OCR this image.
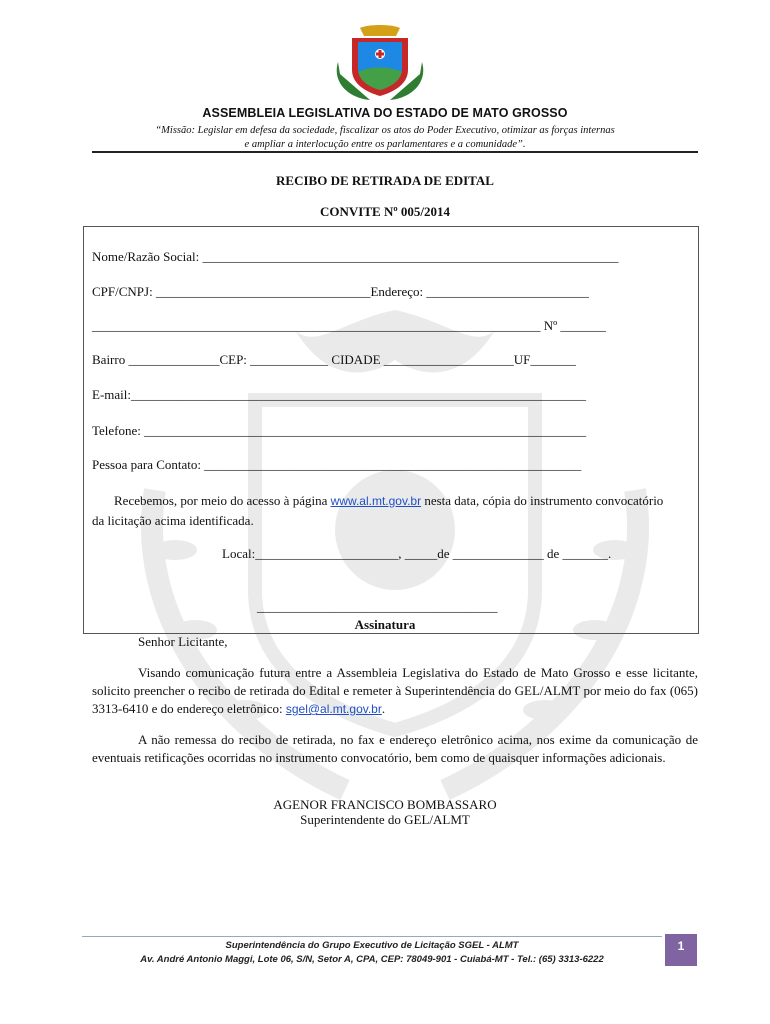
ASSEMBLEIA LEGISLATIVA DO ESTADO DE MATO GROSSO
“Missão: Legislar em defesa da sociedade, fiscalizar os atos do Poder Executivo, otimizar as forças internas
e ampliar a interlocução entre os parlamentares e a comunidade”.
RECIBO DE RETIRADA DE EDITAL
CONVITE Nº 005/2014
Nome/Razão Social: ________________________________________________________________
CPF/CNPJ: _________________________________Endereço: _________________________
_____________________________________________________________________ Nº _______
Bairro ______________CEP: ____________ CIDADE ____________________UF_______
E-mail:______________________________________________________________________
Telefone: ____________________________________________________________________
Pessoa para Contato: __________________________________________________________
Recebemos, por meio do acesso à página www.al.mt.gov.br nesta data, cópia do instrumento convocatório da licitação acima identificada.
Local:______________________, _____de ______________ de _______.
_____________________________________
Assinatura
Senhor Licitante,
Visando comunicação futura entre a Assembleia Legislativa do Estado de Mato Grosso e esse licitante, solicito preencher o recibo de retirada do Edital e remeter à Superintendência do GEL/ALMT por meio do fax (065) 3313-6410 e do endereço eletrônico: sgel@al.mt.gov.br.
A não remessa do recibo de retirada, no fax e endereço eletrônico acima, nos exime da comunicação de eventuais retificações ocorridas no instrumento convocatório, bem como de quaisquer informações adicionais.
AGENOR FRANCISCO BOMBASSARO
Superintendente do GEL/ALMT
Superintendência do Grupo Executivo de Licitação SGEL - ALMT
Av. André Antonio Maggi, Lote 06, S/N, Setor A, CPA, CEP: 78049-901 - Cuiabá-MT - Tel.: (65) 3313-6222
1
